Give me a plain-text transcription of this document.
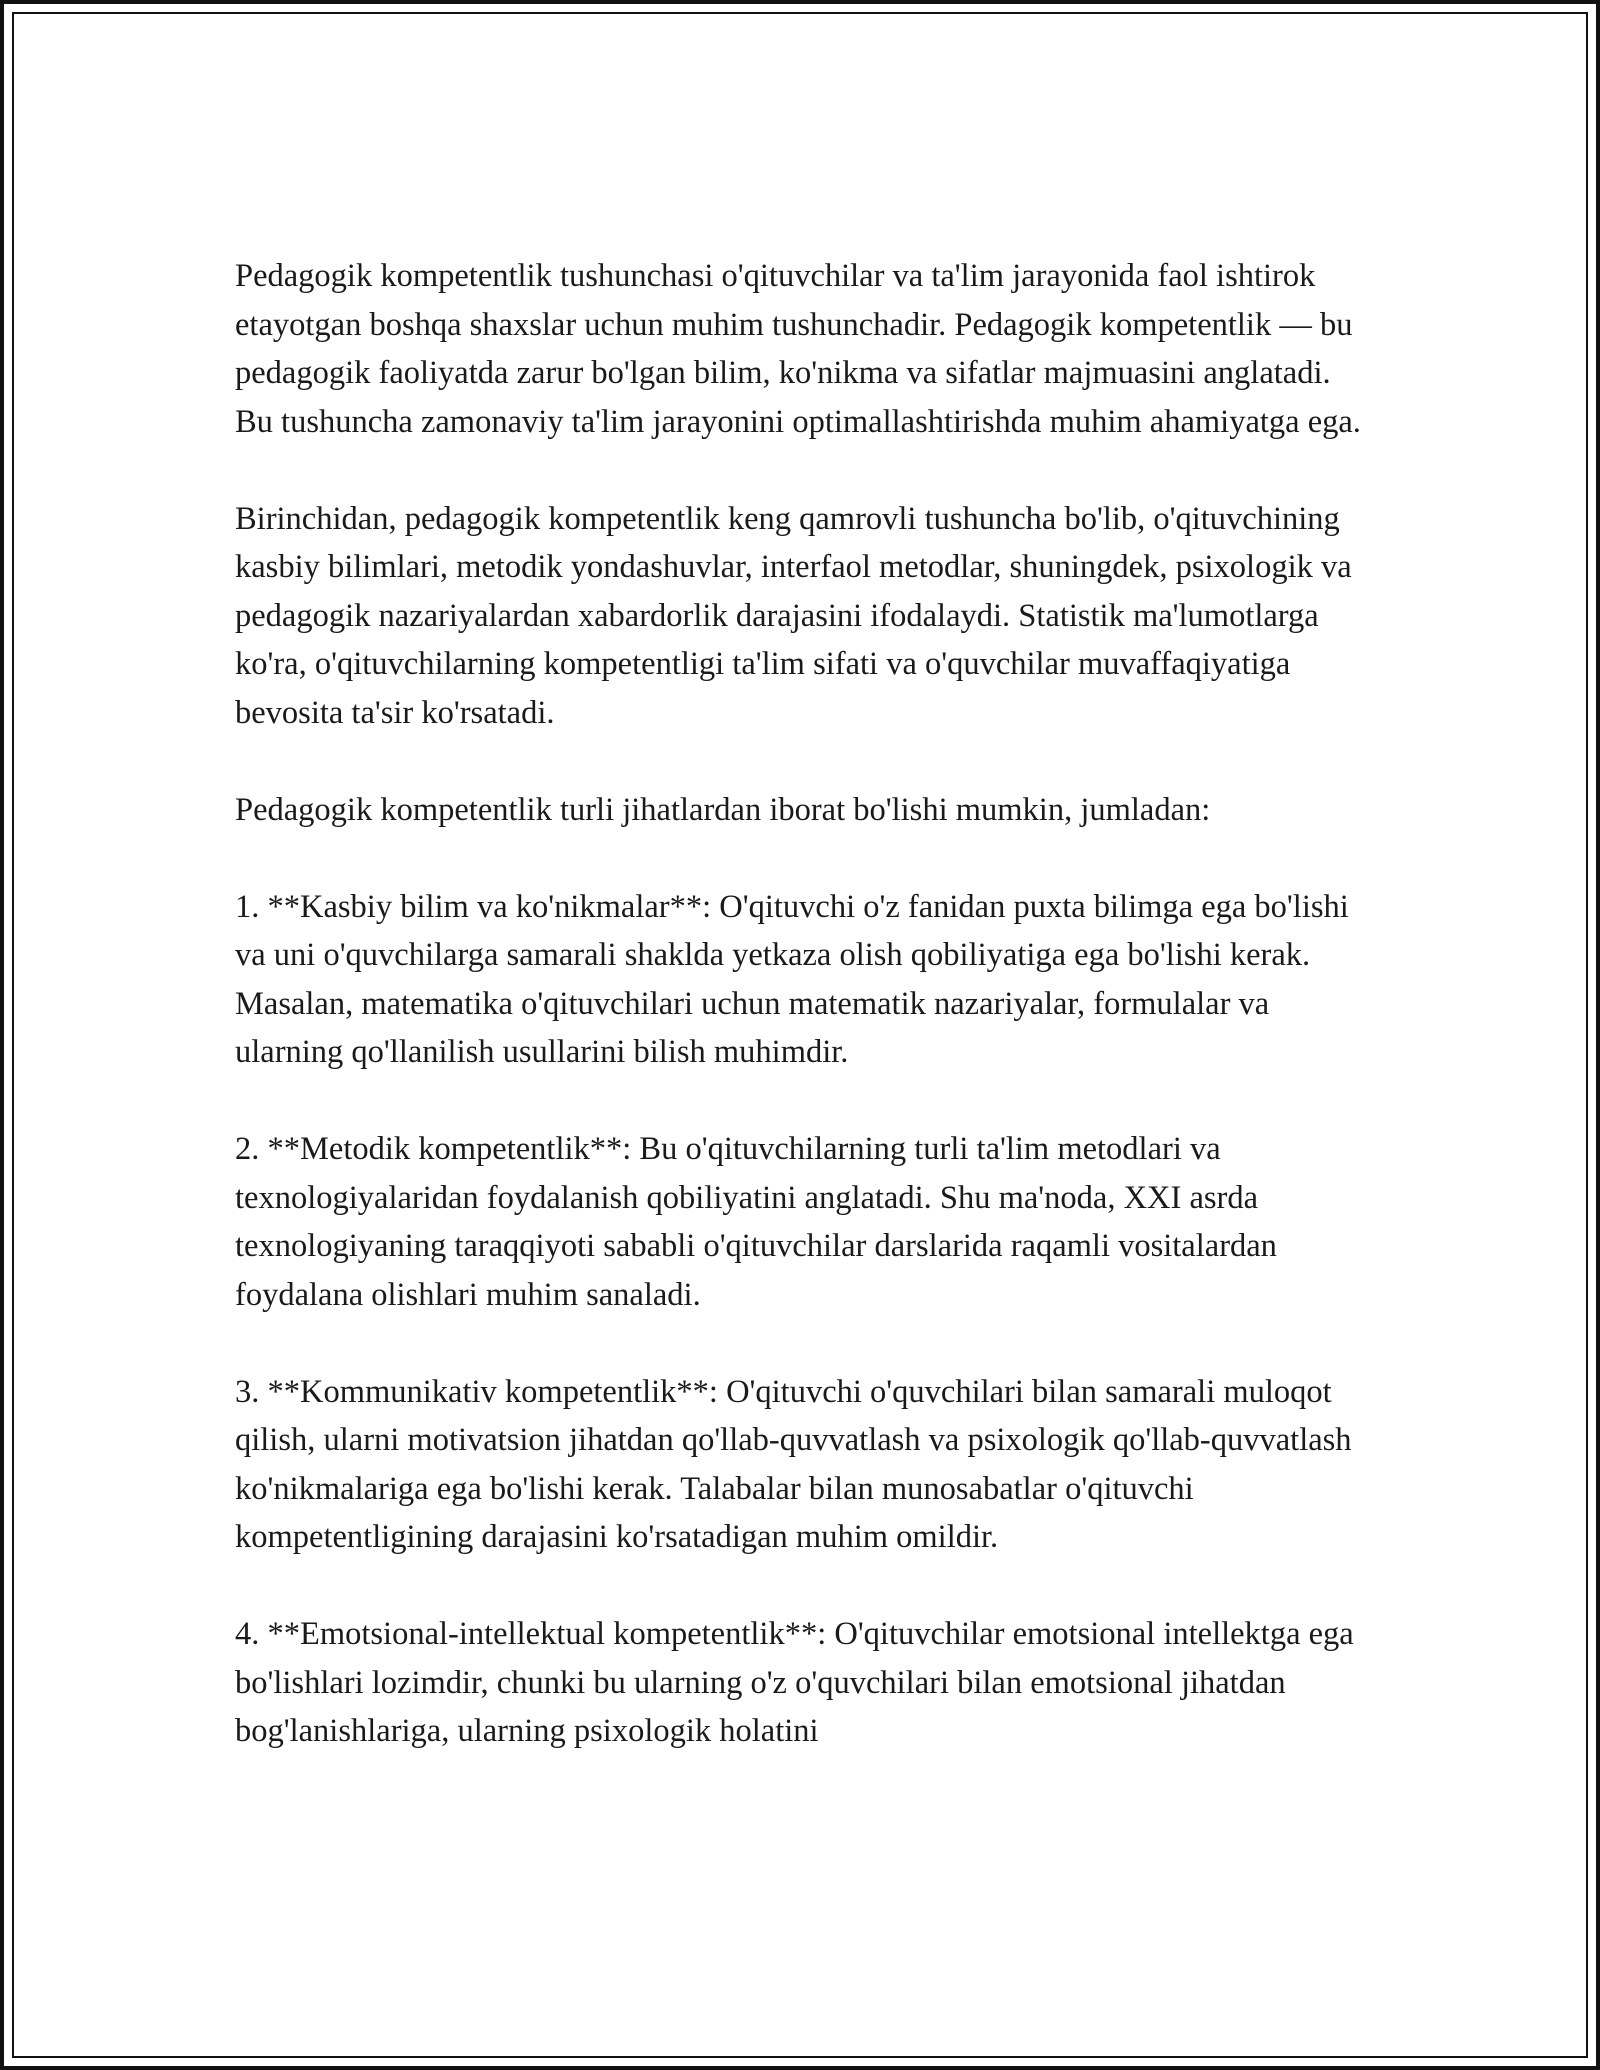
Pedagogik kompetentlik tushunchasi o'qituvchilar va ta'lim jarayonida faol ishtirok etayotgan boshqa shaxslar uchun muhim tushunchadir. Pedagogik kompetentlik — bu pedagogik faoliyatda zarur bo'lgan bilim, ko'nikma va sifatlar majmuasini anglatadi. Bu tushuncha zamonaviy ta'lim jarayonini optimallashtirishda muhim ahamiyatga ega.

Birinchidan, pedagogik kompetentlik keng qamrovli tushuncha bo'lib, o'qituvchining kasbiy bilimlari, metodik yondashuvlar, interfaol metodlar, shuningdek, psixologik va pedagogik nazariyalardan xabardorlik darajasini ifodalaydi. Statistik ma'lumotlarga ko'ra, o'qituvchilarning kompetentligi ta'lim sifati va o'quvchilar muvaffaqiyatiga bevosita ta'sir ko'rsatadi.

Pedagogik kompetentlik turli jihatlardan iborat bo'lishi mumkin, jumladan:

1. **Kasbiy bilim va ko'nikmalar**: O'qituvchi o'z fanidan puxta bilimga ega bo'lishi va uni o'quvchilarga samarali shaklda yetkaza olish qobiliyatiga ega bo'lishi kerak. Masalan, matematika o'qituvchilari uchun matematik nazariyalar, formulalar va ularning qo'llanilish usullarini bilish muhimdir.

2. **Metodik kompetentlik**: Bu o'qituvchilarning turli ta'lim metodlari va texnologiyalaridan foydalanish qobiliyatini anglatadi. Shu ma'noda, XXI asrda texnologiyaning taraqqiyoti sababli o'qituvchilar darslarida raqamli vositalardan foydalana olishlari muhim sanaladi.

3. **Kommunikativ kompetentlik**: O'qituvchi o'quvchilari bilan samarali muloqot qilish, ularni motivatsion jihatdan qo'llab-quvvatlash va psixologik qo'llab-quvvatlash ko'nikmalariga ega bo'lishi kerak. Talabalar bilan munosabatlar o'qituvchi kompetentligining darajasini ko'rsatadigan muhim omildir.

4. **Emotsional-intellektual kompetentlik**: O'qituvchilar emotsional intellektga ega bo'lishlari lozimdir, chunki bu ularning o'z o'quvchilari bilan emotsional jihatdan bog'lanishlariga, ularning psixologik holatini
